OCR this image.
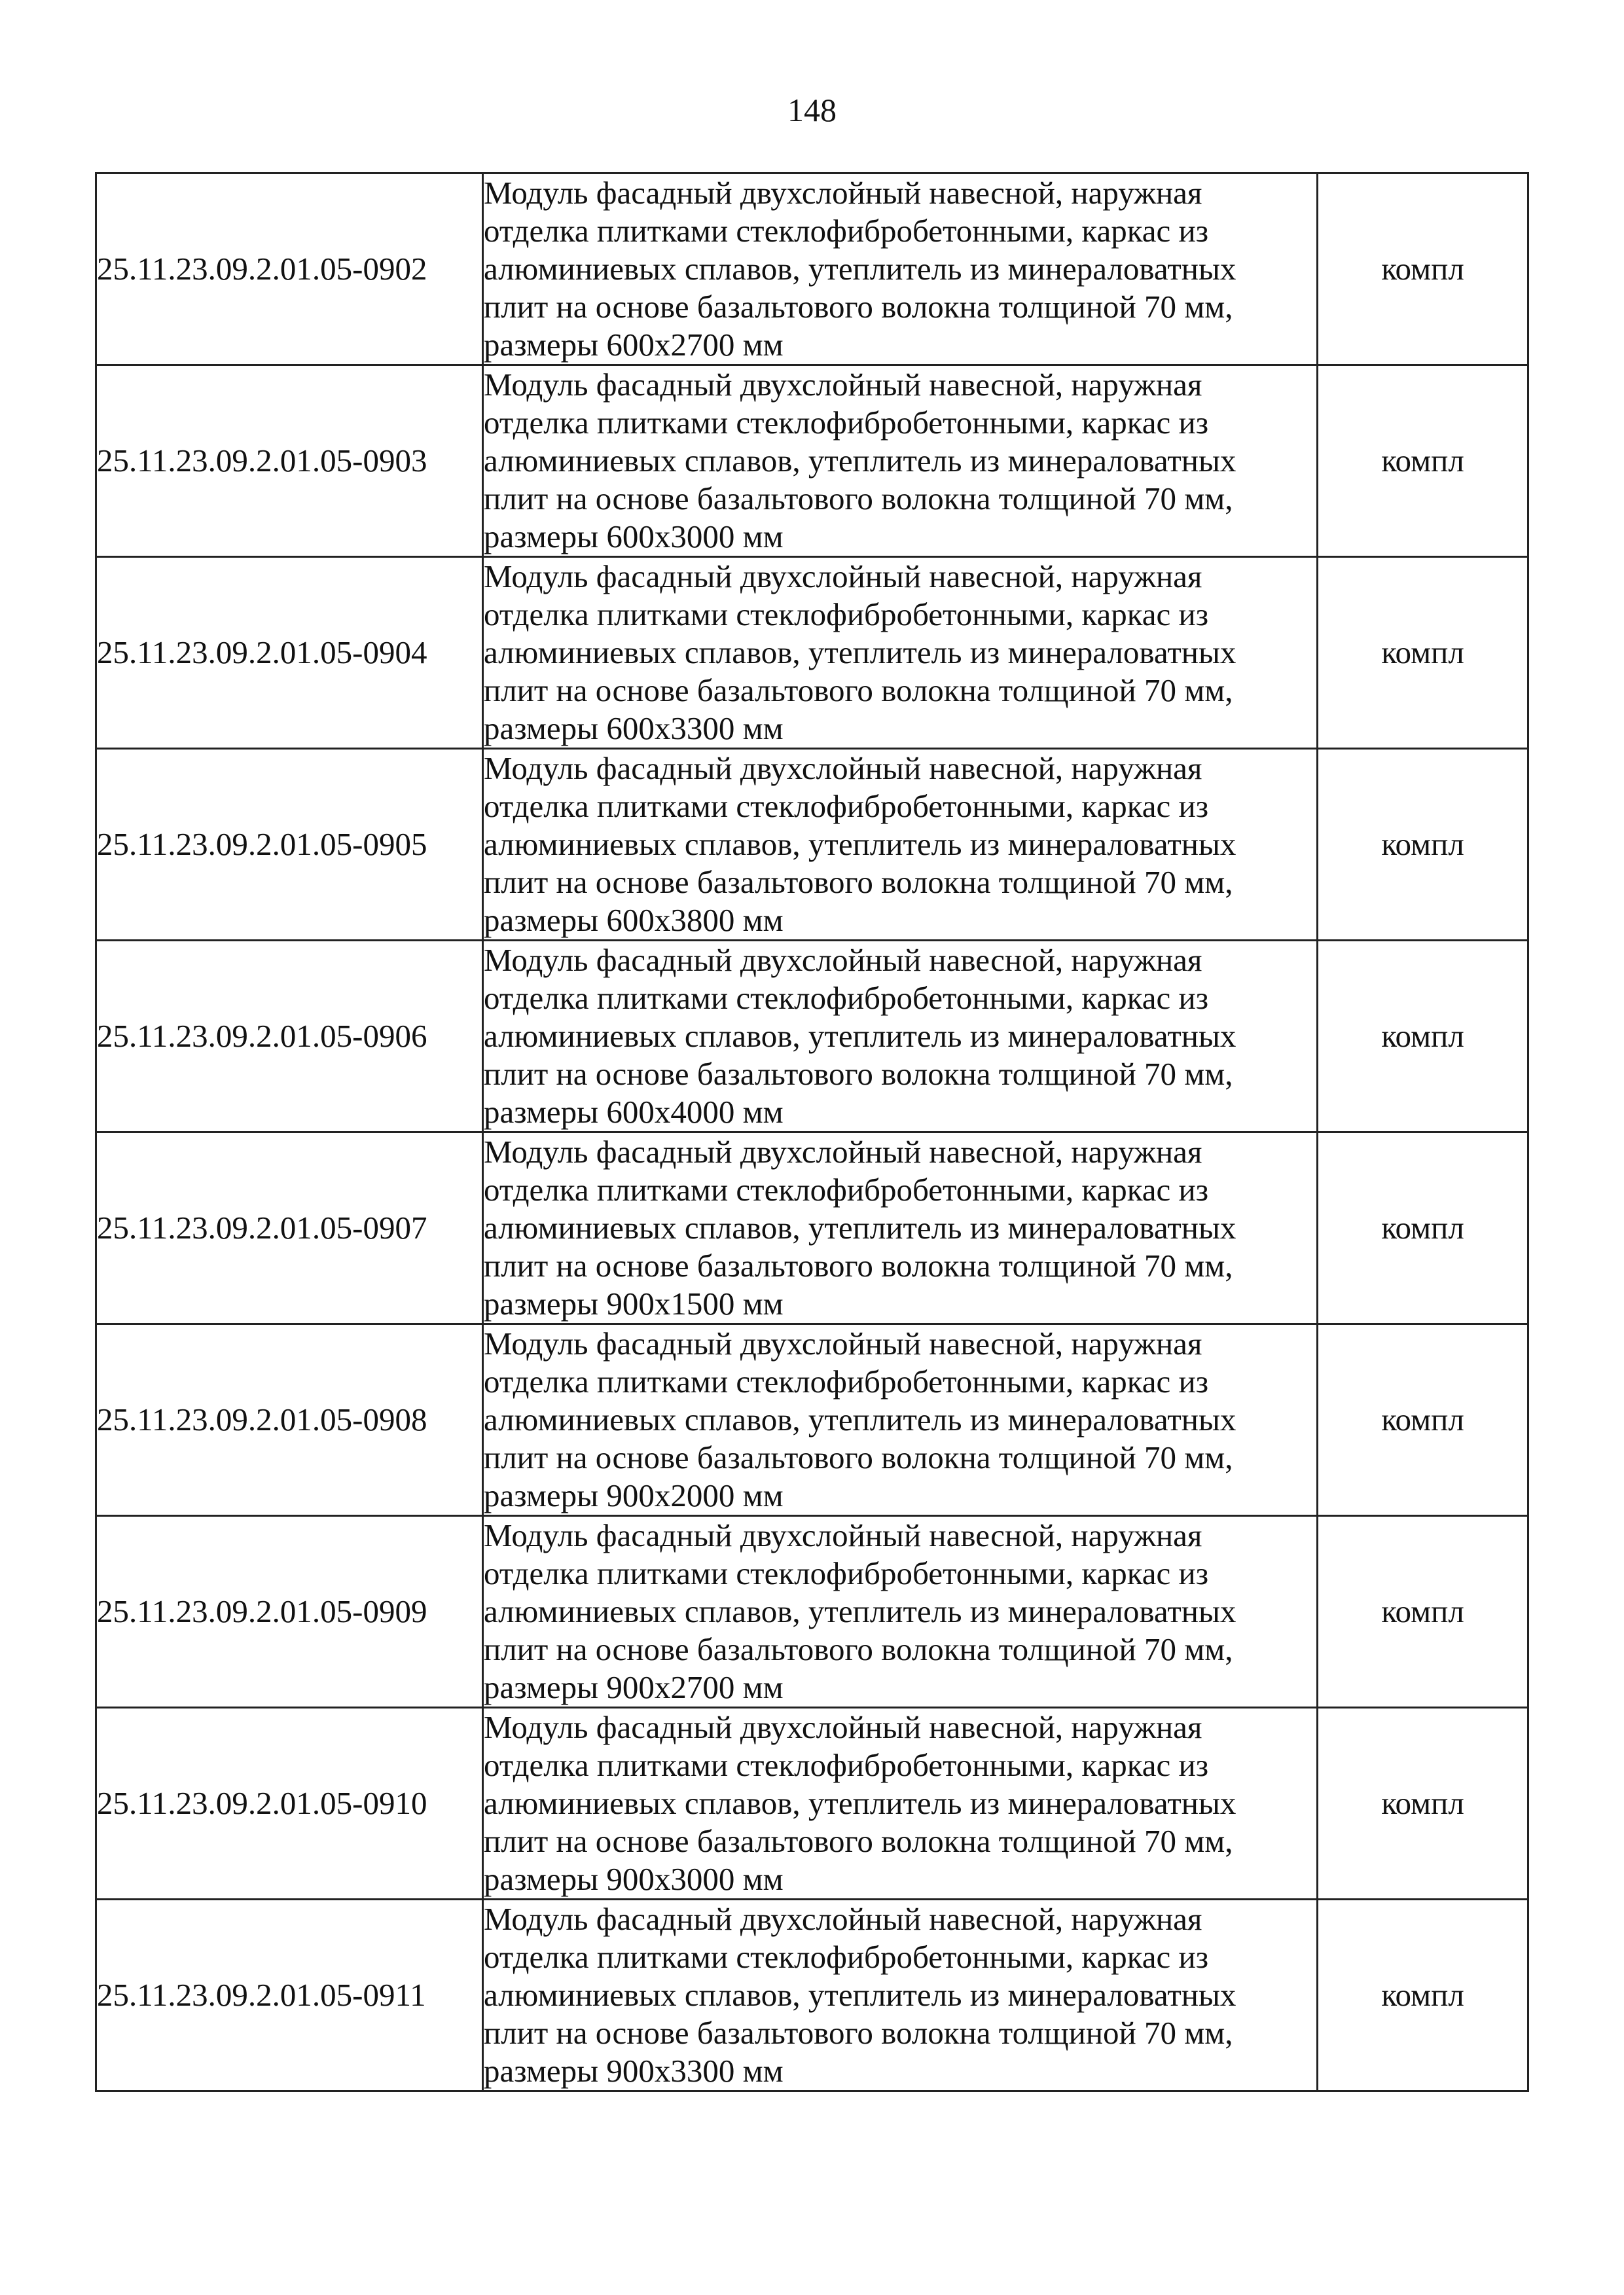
148
25.11.23.09.2.01.05-0902	Модуль фасадный двухслойный навесной, наружная
отделка плитками стеклофибробетонными, каркас из
алюминиевых сплавов, утеплитель из минераловатных
плит на основе базальтового волокна толщиной 70 мм,
размеры 600х2700 мм	компл
25.11.23.09.2.01.05-0903	Модуль фасадный двухслойный навесной, наружная
отделка плитками стеклофибробетонными, каркас из
алюминиевых сплавов, утеплитель из минераловатных
плит на основе базальтового волокна толщиной 70 мм,
размеры 600х3000 мм	компл
25.11.23.09.2.01.05-0904	Модуль фасадный двухслойный навесной, наружная
отделка плитками стеклофибробетонными, каркас из
алюминиевых сплавов, утеплитель из минераловатных
плит на основе базальтового волокна толщиной 70 мм,
размеры 600х3300 мм	компл
25.11.23.09.2.01.05-0905	Модуль фасадный двухслойный навесной, наружная
отделка плитками стеклофибробетонными, каркас из
алюминиевых сплавов, утеплитель из минераловатных
плит на основе базальтового волокна толщиной 70 мм,
размеры 600х3800 мм	компл
25.11.23.09.2.01.05-0906	Модуль фасадный двухслойный навесной, наружная
отделка плитками стеклофибробетонными, каркас из
алюминиевых сплавов, утеплитель из минераловатных
плит на основе базальтового волокна толщиной 70 мм,
размеры 600х4000 мм	компл
25.11.23.09.2.01.05-0907	Модуль фасадный двухслойный навесной, наружная
отделка плитками стеклофибробетонными, каркас из
алюминиевых сплавов, утеплитель из минераловатных
плит на основе базальтового волокна толщиной 70 мм,
размеры 900х1500 мм	компл
25.11.23.09.2.01.05-0908	Модуль фасадный двухслойный навесной, наружная
отделка плитками стеклофибробетонными, каркас из
алюминиевых сплавов, утеплитель из минераловатных
плит на основе базальтового волокна толщиной 70 мм,
размеры 900х2000 мм	компл
25.11.23.09.2.01.05-0909	Модуль фасадный двухслойный навесной, наружная
отделка плитками стеклофибробетонными, каркас из
алюминиевых сплавов, утеплитель из минераловатных
плит на основе базальтового волокна толщиной 70 мм,
размеры 900х2700 мм	компл
25.11.23.09.2.01.05-0910	Модуль фасадный двухслойный навесной, наружная
отделка плитками стеклофибробетонными, каркас из
алюминиевых сплавов, утеплитель из минераловатных
плит на основе базальтового волокна толщиной 70 мм,
размеры 900х3000 мм	компл
25.11.23.09.2.01.05-0911	Модуль фасадный двухслойный навесной, наружная
отделка плитками стеклофибробетонными, каркас из
алюминиевых сплавов, утеплитель из минераловатных
плит на основе базальтового волокна толщиной 70 мм,
размеры 900х3300 мм	компл
